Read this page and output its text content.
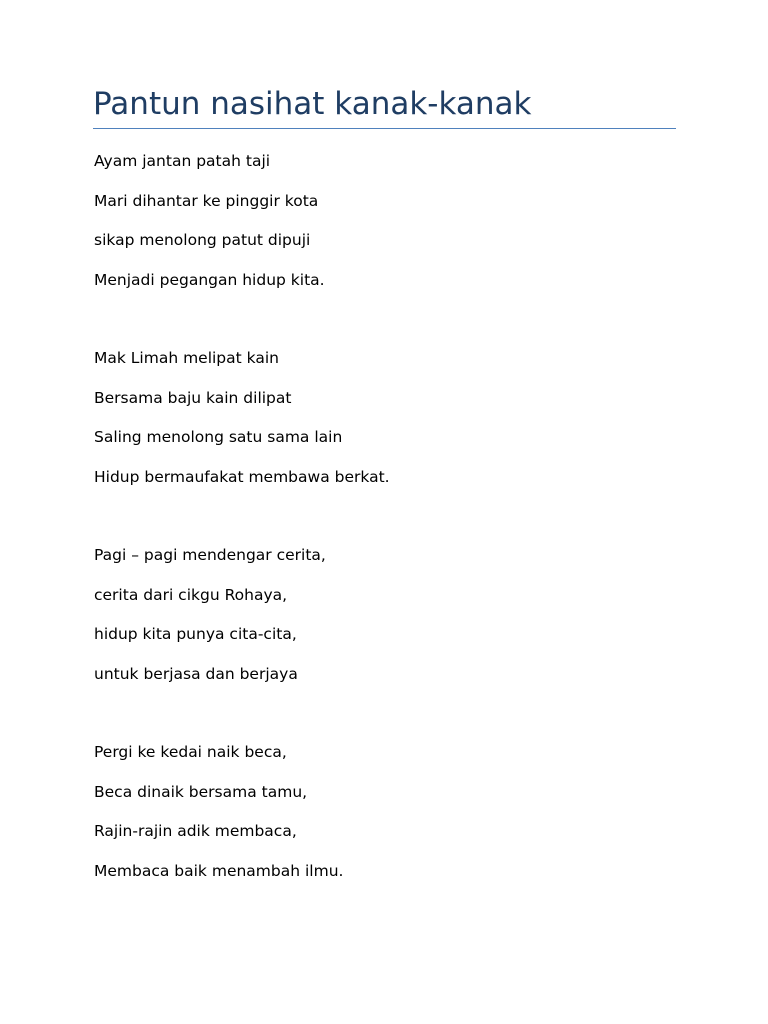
Pantun nasihat kanak-kanak
Ayam jantan patah taji
Mari dihantar ke pinggir kota
sikap menolong patut dipuji
Menjadi pegangan hidup kita.
Mak Limah melipat kain
Bersama baju kain dilipat
Saling menolong satu sama lain
Hidup bermaufakat membawa berkat.
Pagi – pagi mendengar cerita,
cerita dari cikgu Rohaya,
hidup kita punya cita-cita,
untuk berjasa dan berjaya
Pergi ke kedai naik beca,
Beca dinaik bersama tamu,
Rajin-rajin adik membaca,
Membaca baik menambah ilmu.
